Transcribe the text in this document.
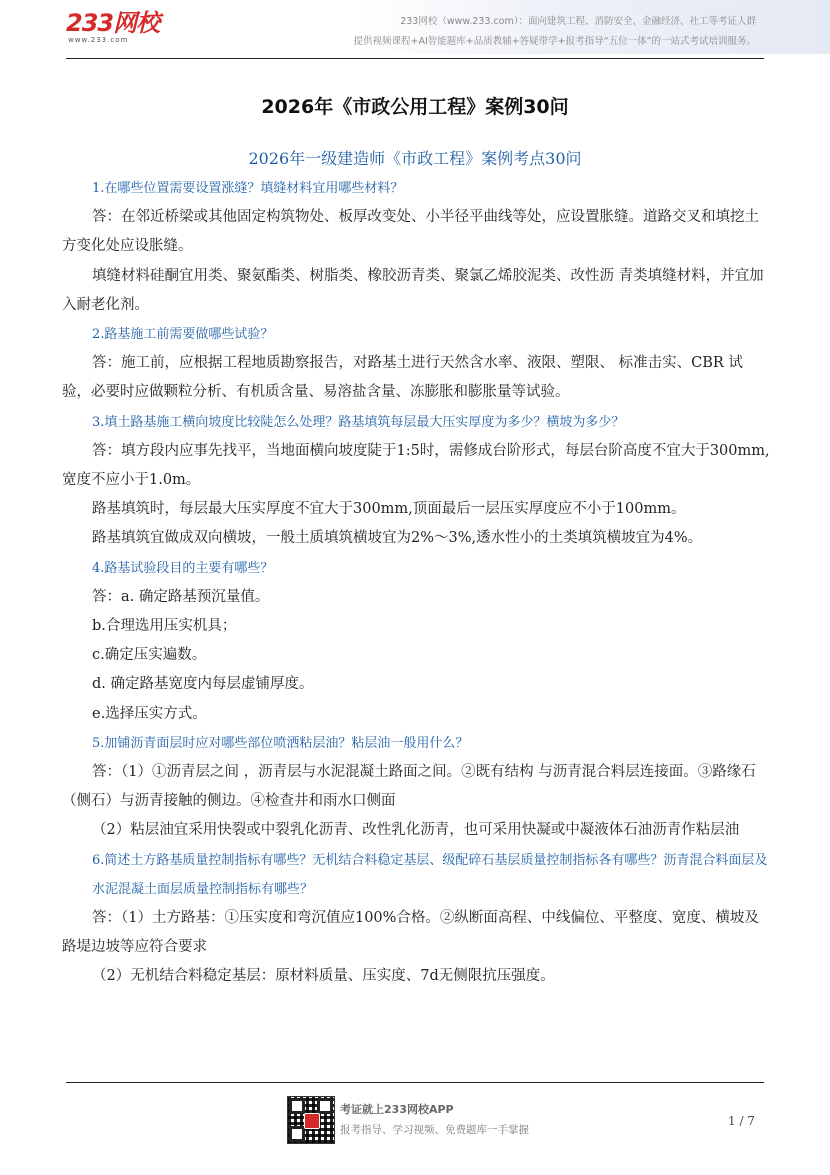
233网校
www.233.com
233网校（www.233.com）：面向建筑工程、消防安全、金融经济、社工等考证人群
提供视频课程+AI智能题库+品质教辅+答疑带学+报考指导“五位一体”的一站式考试培训服务。
2026年《市政公用工程》案例30问
2026年一级建造师《市政工程》案例考点30问

1.在哪些位置需要设置涨缝？填缝材料宜用哪些材料？

答：在邻近桥梁或其他固定构筑物处、板厚改变处、小半径平曲线等处，应设置胀缝。道路交叉和填挖土方变化处应设胀缝。

填缝材料硅酮宜用类、聚氨酯类、树脂类、橡胶沥青类、聚氯乙烯胶泥类、改性沥 青类填缝材料，并宜加入耐老化剂。

2.路基施工前需要做哪些试验？

答：施工前，应根据工程地质勘察报告，对路基土进行天然含水率、液限、塑限、 标准击实、CBR 试验，必要时应做颗粒分析、有机质含量、易溶盐含量、冻膨胀和膨胀量等试验。

3.填土路基施工横向坡度比较陡怎么处理？路基填筑每层最大压实厚度为多少？横坡为多少？

答：填方段内应事先找平，当地面横向坡度陡于1:5时，需修成台阶形式，每层台阶高度不宜大于300mm, 宽度不应小于1.0m。

路基填筑时，每层最大压实厚度不宜大于300mm,顶面最后一层压实厚度应不小于100mm。

路基填筑宜做成双向横坡，一般土质填筑横坡宜为2%～3%,透水性小的土类填筑横坡宜为4%。

4.路基试验段目的主要有哪些？

答：a. 确定路基预沉量值。

b.合理选用压实机具；

c.确定压实遍数。

d. 确定路基宽度内每层虚铺厚度。

e.选择压实方式。

5.加铺沥青面层时应对哪些部位喷洒粘层油？粘层油一般用什么？

答：（1）①沥青层之间 ，沥青层与水泥混凝土路面之间。②既有结构 与沥青混合料层连接面。③路缘石（侧石）与沥青接触的侧边。④检查井和雨水口侧面

（2）粘层油宜采用快裂或中裂乳化沥青、改性乳化沥青，也可采用快凝或中凝液体石油沥青作粘层油

6.简述土方路基质量控制指标有哪些？无机结合料稳定基层、级配碎石基层质量控制指标各有哪些？沥青混合料面层及水泥混凝土面层质量控制指标有哪些？

答：（1）土方路基：①压实度和弯沉值应100%合格。②纵断面高程、中线偏位、平整度、宽度、横坡及路堤边坡等应符合要求

（2）无机结合料稳定基层：原材料质量、压实度、7d无侧限抗压强度。

考证就上233网校APP
报考指导、学习视频、免费题库一手掌握
1 / 7
